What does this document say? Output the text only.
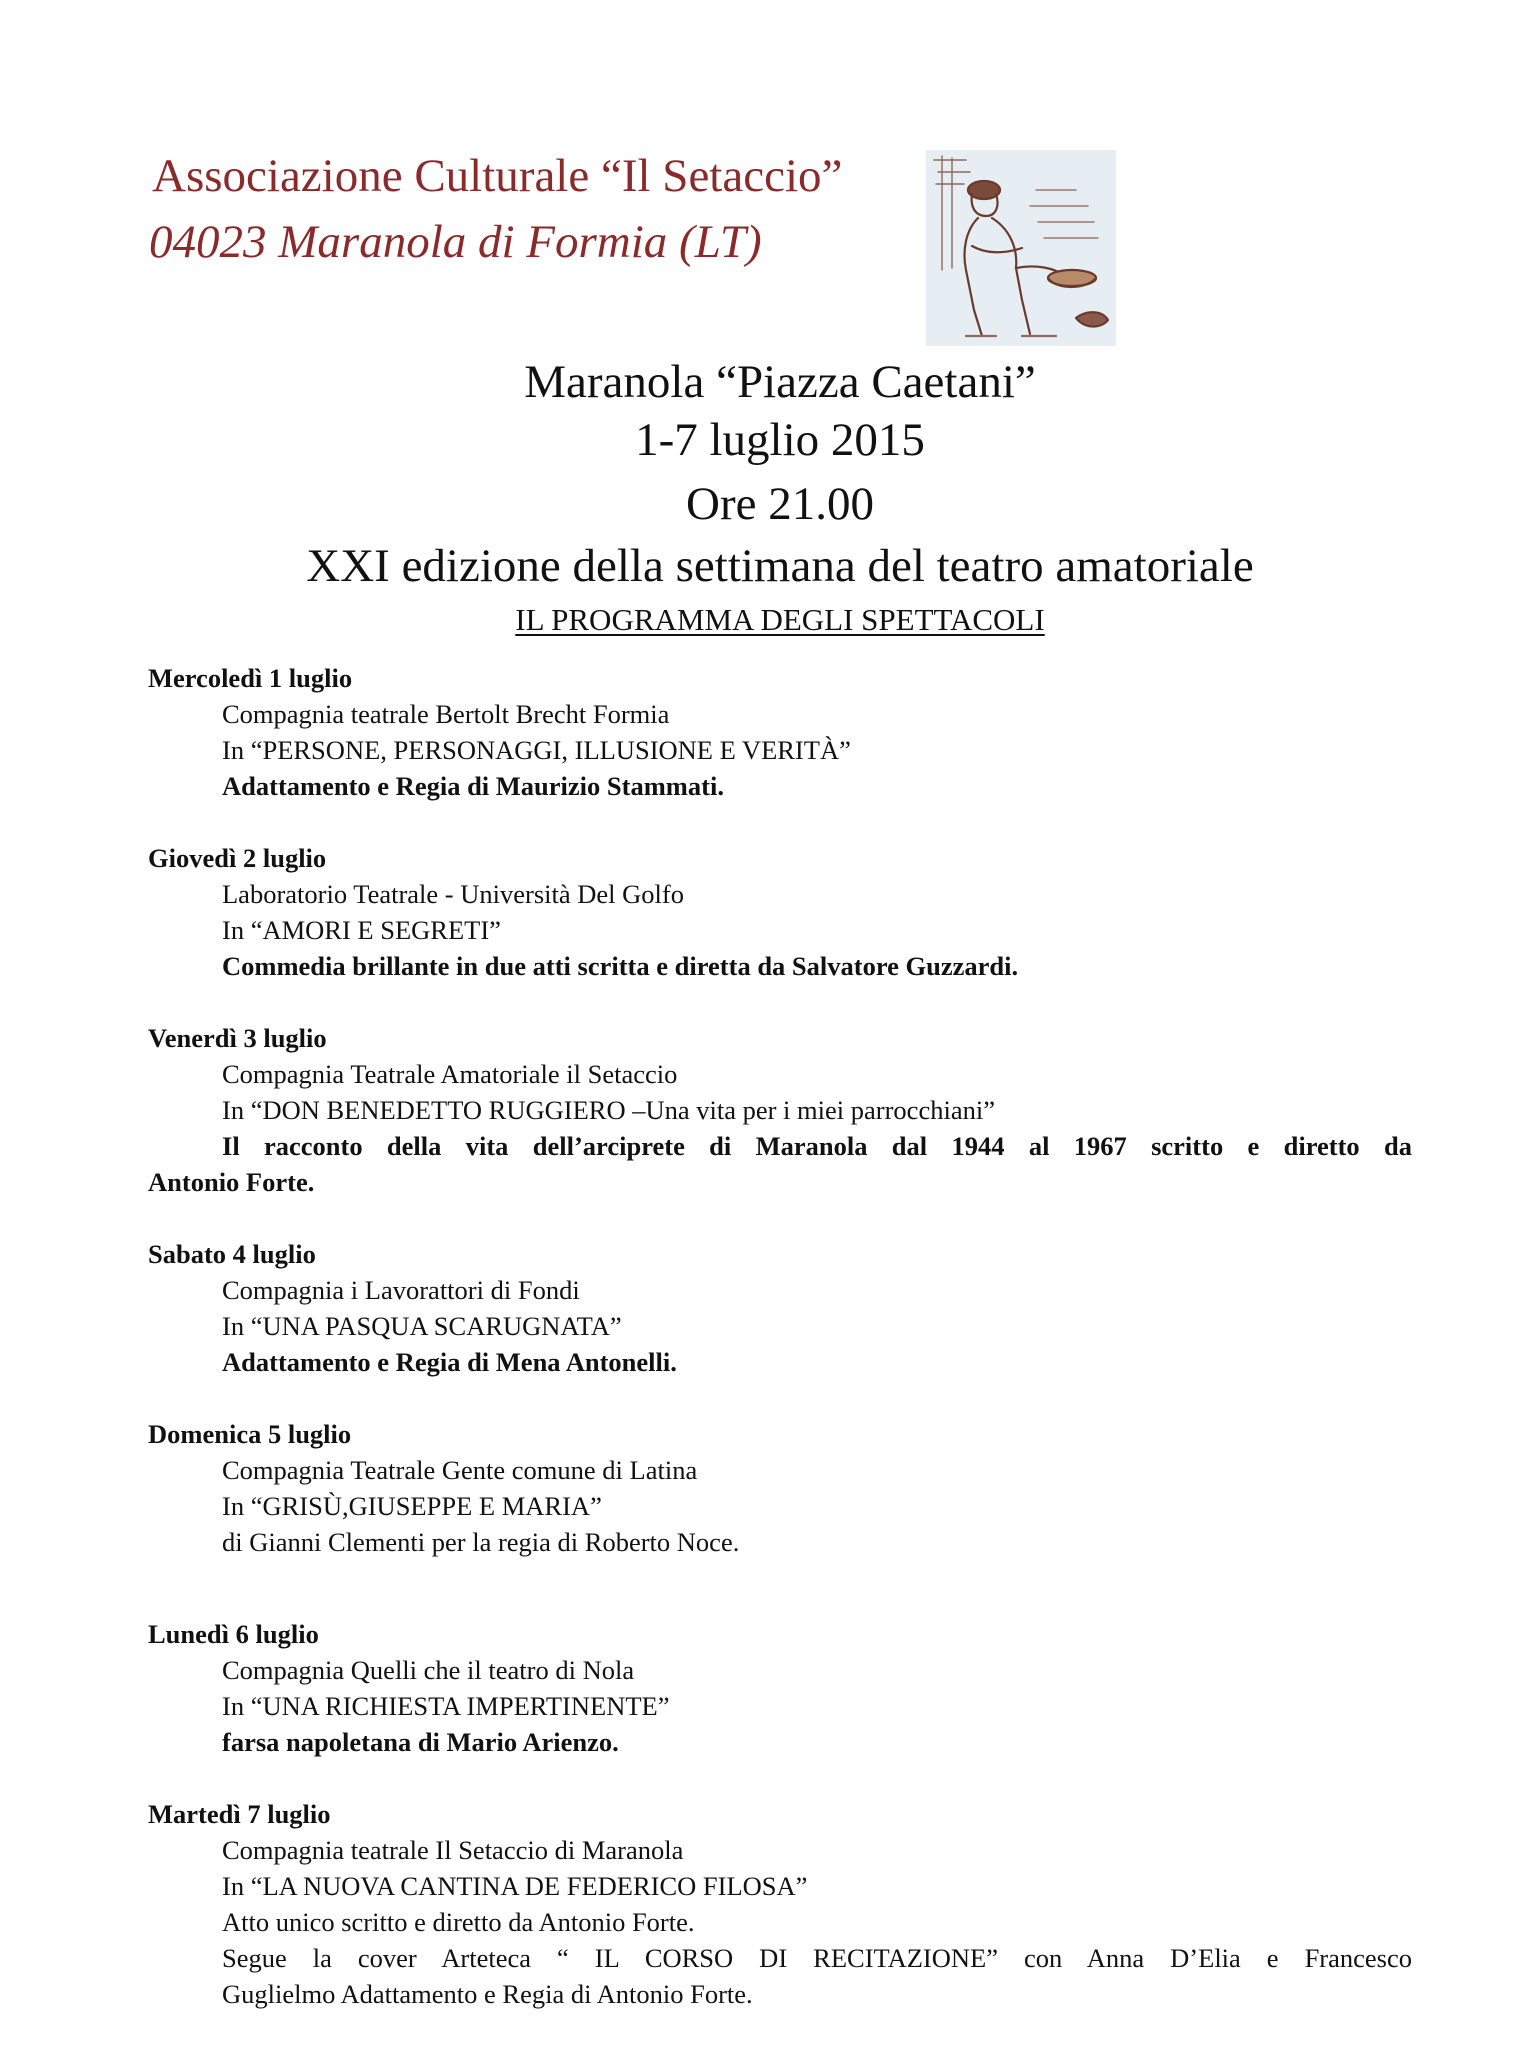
Associazione Culturale “Il Setaccio”
04023 Maranola di Formia (LT)
Maranola “Piazza Caetani”
1-7 luglio 2015
Ore 21.00
XXI edizione della settimana del teatro amatoriale
IL PROGRAMMA DEGLI SPETTACOLI
Mercoledì 1 luglio
Compagnia teatrale Bertolt Brecht Formia
In “PERSONE, PERSONAGGI, ILLUSIONE E VERITÀ”
Adattamento e Regia di Maurizio Stammati.
Giovedì 2 luglio
Laboratorio Teatrale - Università Del Golfo
In “AMORI E SEGRETI”
Commedia brillante in due atti scritta e diretta da Salvatore Guzzardi.
Venerdì 3 luglio
Compagnia Teatrale Amatoriale il Setaccio
In “DON BENEDETTO RUGGIERO –Una vita per i miei parrocchiani”
Il racconto della vita dell’arciprete di Maranola dal 1944 al 1967 scritto e diretto da
Antonio Forte.
Sabato 4 luglio
Compagnia i Lavorattori di Fondi
In “UNA PASQUA SCARUGNATA”
Adattamento e Regia di Mena Antonelli.
Domenica 5 luglio
Compagnia Teatrale Gente comune di Latina
In “GRISÙ,GIUSEPPE E MARIA”
di Gianni Clementi per la regia di Roberto Noce.
Lunedì 6 luglio
Compagnia Quelli che il teatro di Nola
In “UNA RICHIESTA IMPERTINENTE”
farsa napoletana di Mario Arienzo.
Martedì 7 luglio
Compagnia teatrale Il Setaccio di Maranola
In “LA NUOVA CANTINA DE FEDERICO FILOSA”
Atto unico scritto e diretto da Antonio Forte.
Segue la cover Arteteca “ IL CORSO DI RECITAZIONE” con Anna D’Elia e Francesco
Guglielmo Adattamento e Regia di Antonio Forte.
